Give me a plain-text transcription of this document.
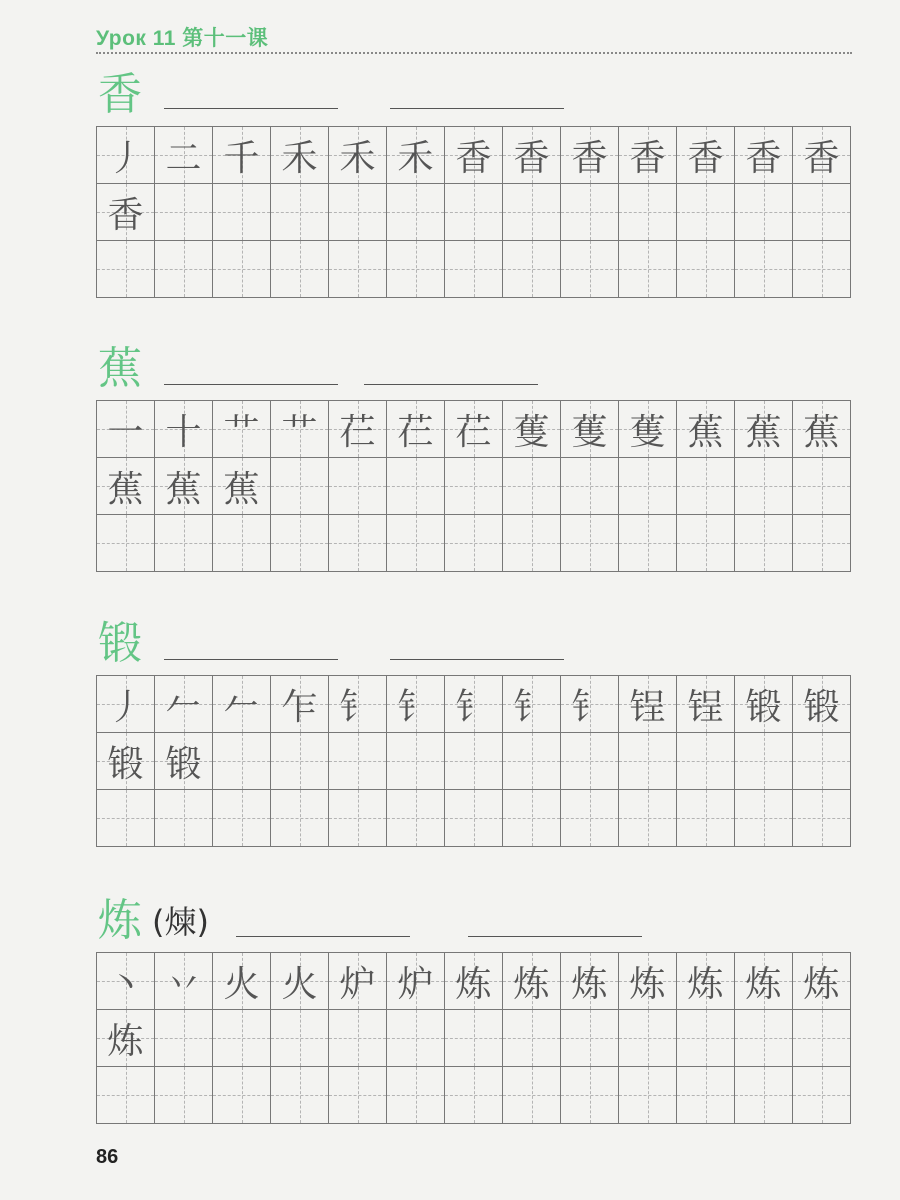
Урок 11 第十一课
香
丿 二 千 禾 禾 禾 香 香 香 香 香 香 香
香
蕉
一 十 艹 艹 芢 芢 芢 蒦 蒦 蒦 蕉 蕉 蕉
蕉 蕉 蕉
锻
丿 𠂉 𠂉 乍 钅 钅 钅 钅 钅 锃 锃 锻 锻
锻 锻
炼 (煉)
丶 丷 火 火 炉 炉 炼 炼 炼 炼 炼 炼 炼
炼
86
